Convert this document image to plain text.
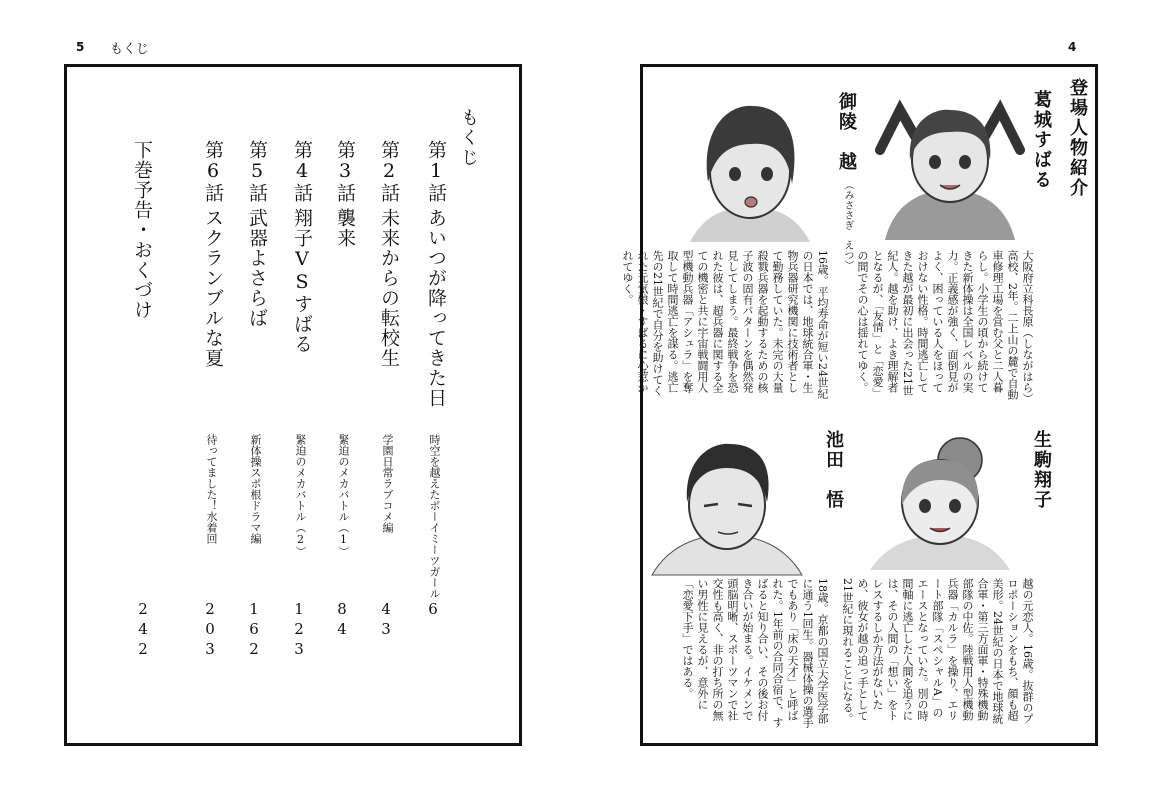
5 もくじ
もくじ
第1話
あいつが降ってきた日
時空を越えたボーイミーツガール
6
第2話
未来からの転校生
学園日常ラブコメ編
43
第3話
襲来
緊迫のメカバトル（1）
84
第4話
翔子VSすばる
緊迫のメカバトル（2）
123
第5話
武器よさらば
新体操スポ根ドラマ編
162
第6話
スクランブルな夏
待ってました！水着回
203
下巻予告・おくづけ
242
4
登場人物紹介
葛城すばる
大阪府立科長原（しながはら）高校、2年。二上山の麓で自動車修理工場を営む父と二人暮らし。小学生の頃から続けてきた新体操は全国レベルの実力。正義感が強く、面倒見がよく、困っている人をほっておけない性格。時間逃亡してきた越が最初に出会った21世紀人。越を助け、よき理解者となるが、「友情」と「恋愛」の間でその心は揺れてゆく。
御陵　越
（みささぎ　えつ）
16歳。平均寿命が短い24世紀の日本では、地球統合軍・生物兵器研究機関に技術者として勤務していた。未完の大量殺戮兵器を起動するための核子波の固有パターンを偶然発見してしまう。最終戦争を恐れた彼は、超兵器に関する全ての機密と共に宇宙戦闘用人型機動兵器「アシュラ」を奪取して時間逃亡を謀る。逃亡先の21世紀で自分を助けてくれた元気娘・すばるに心惹かれてゆく。
生駒翔子
越の元恋人。16歳。抜群のプロポーションをもち、顔も超美形。24世紀の日本で地球統合軍・第三方面軍・特殊機動部隊の中佐。陸戦用人型機動兵器「カルラ」を操り、エリート部隊「スペシャルA」のエースとなっていた。別の時間軸に逃亡した人間を追うには、その人間の「想い」をトレスするしか方法がないため、彼女が越の追っ手として21世紀に現れることになる。
池田　悟
18歳。京都の国立大学医学部に通う1回生。器械体操の選手でもあり「床の天才」と呼ばれた。1年前の合同合宿で、すばると知り合い、その後お付き合いが始まる。イケメンで頭脳明晰、スポーツマンで社交性も高く、非の打ち所の無い男性に見えるが、意外に「恋愛下手」ではある。
